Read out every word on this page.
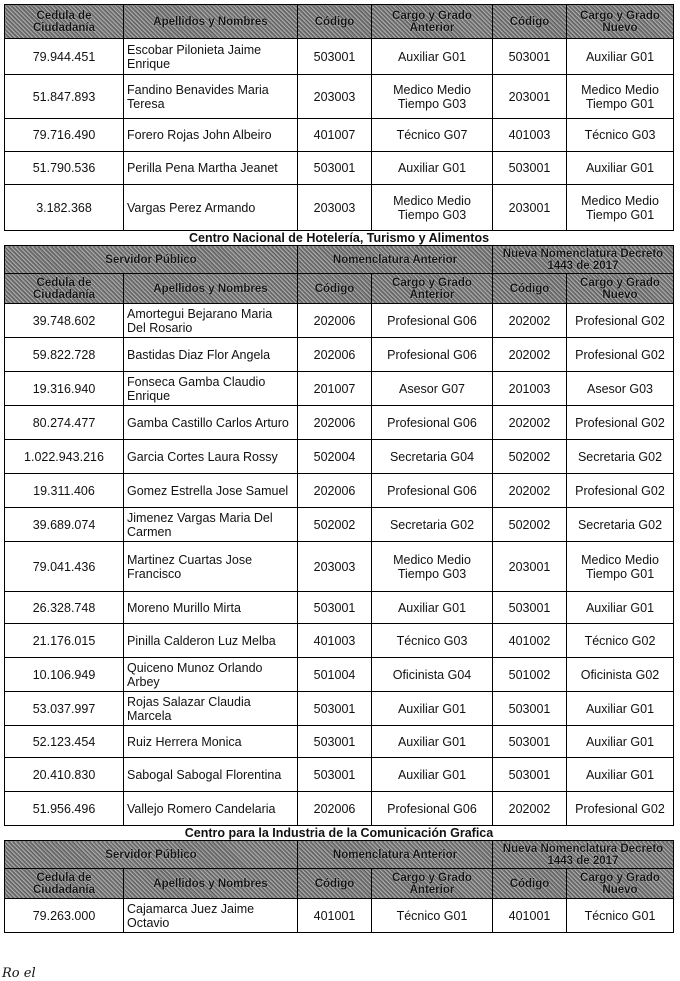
Cedula de Ciudadanía	Apellidos y Nombres	Código	Cargo y Grado Anterior	Código	Cargo y Grado Nuevo
79.944.451	Escobar Pilonieta Jaime Enrique	503001	Auxiliar G01	503001	Auxiliar G01
51.847.893	Fandino Benavides Maria Teresa	203003	Medico Medio Tiempo G03	203001	Medico Medio Tiempo G01
79.716.490	Forero Rojas John Albeiro	401007	Técnico G07	401003	Técnico G03
51.790.536	Perilla Pena Martha Jeanet	503001	Auxiliar G01	503001	Auxiliar G01
3.182.368	Vargas Perez Armando	203003	Medico Medio Tiempo G03	203001	Medico Medio Tiempo G01
Centro Nacional de Hotelería, Turismo y Alimentos					
Servidor Público		Nomenclatura Anterior		Nueva Nomenclatura Decreto 1443 de 2017	
Cedula de Ciudadanía	Apellidos y Nombres	Código	Cargo y Grado Anterior	Código	Cargo y Grado Nuevo
39.748.602	Amortegui Bejarano Maria Del Rosario	202006	Profesional G06	202002	Profesional G02
59.822.728	Bastidas Diaz Flor Angela	202006	Profesional G06	202002	Profesional G02
19.316.940	Fonseca Gamba Claudio Enrique	201007	Asesor G07	201003	Asesor G03
80.274.477	Gamba Castillo Carlos Arturo	202006	Profesional G06	202002	Profesional G02
1.022.943.216	Garcia Cortes Laura Rossy	502004	Secretaria G04	502002	Secretaria G02
19.311.406	Gomez Estrella Jose Samuel	202006	Profesional G06	202002	Profesional G02
39.689.074	Jimenez Vargas Maria Del Carmen	502002	Secretaria G02	502002	Secretaria G02
79.041.436	Martinez Cuartas Jose Francisco	203003	Medico Medio Tiempo G03	203001	Medico Medio Tiempo G01
26.328.748	Moreno Murillo Mirta	503001	Auxiliar G01	503001	Auxiliar G01
21.176.015	Pinilla Calderon Luz Melba	401003	Técnico G03	401002	Técnico G02
10.106.949	Quiceno Munoz Orlando Arbey	501004	Oficinista G04	501002	Oficinista G02
53.037.997	Rojas Salazar Claudia Marcela	503001	Auxiliar G01	503001	Auxiliar G01
52.123.454	Ruiz Herrera Monica	503001	Auxiliar G01	503001	Auxiliar G01
20.410.830	Sabogal Sabogal Florentina	503001	Auxiliar G01	503001	Auxiliar G01
51.956.496	Vallejo Romero Candelaria	202006	Profesional G06	202002	Profesional G02
Centro para la Industria de la Comunicación Grafica					
Servidor Público		Nomenclatura Anterior		Nueva Nomenclatura Decreto 1443 de 2017	
Cedula de Ciudadanía	Apellidos y Nombres	Código	Cargo y Grado Anterior	Código	Cargo y Grado Nuevo
79.263.000	Cajamarca Juez Jaime Octavio	401001	Técnico G01	401001	Técnico G01
Ro el
